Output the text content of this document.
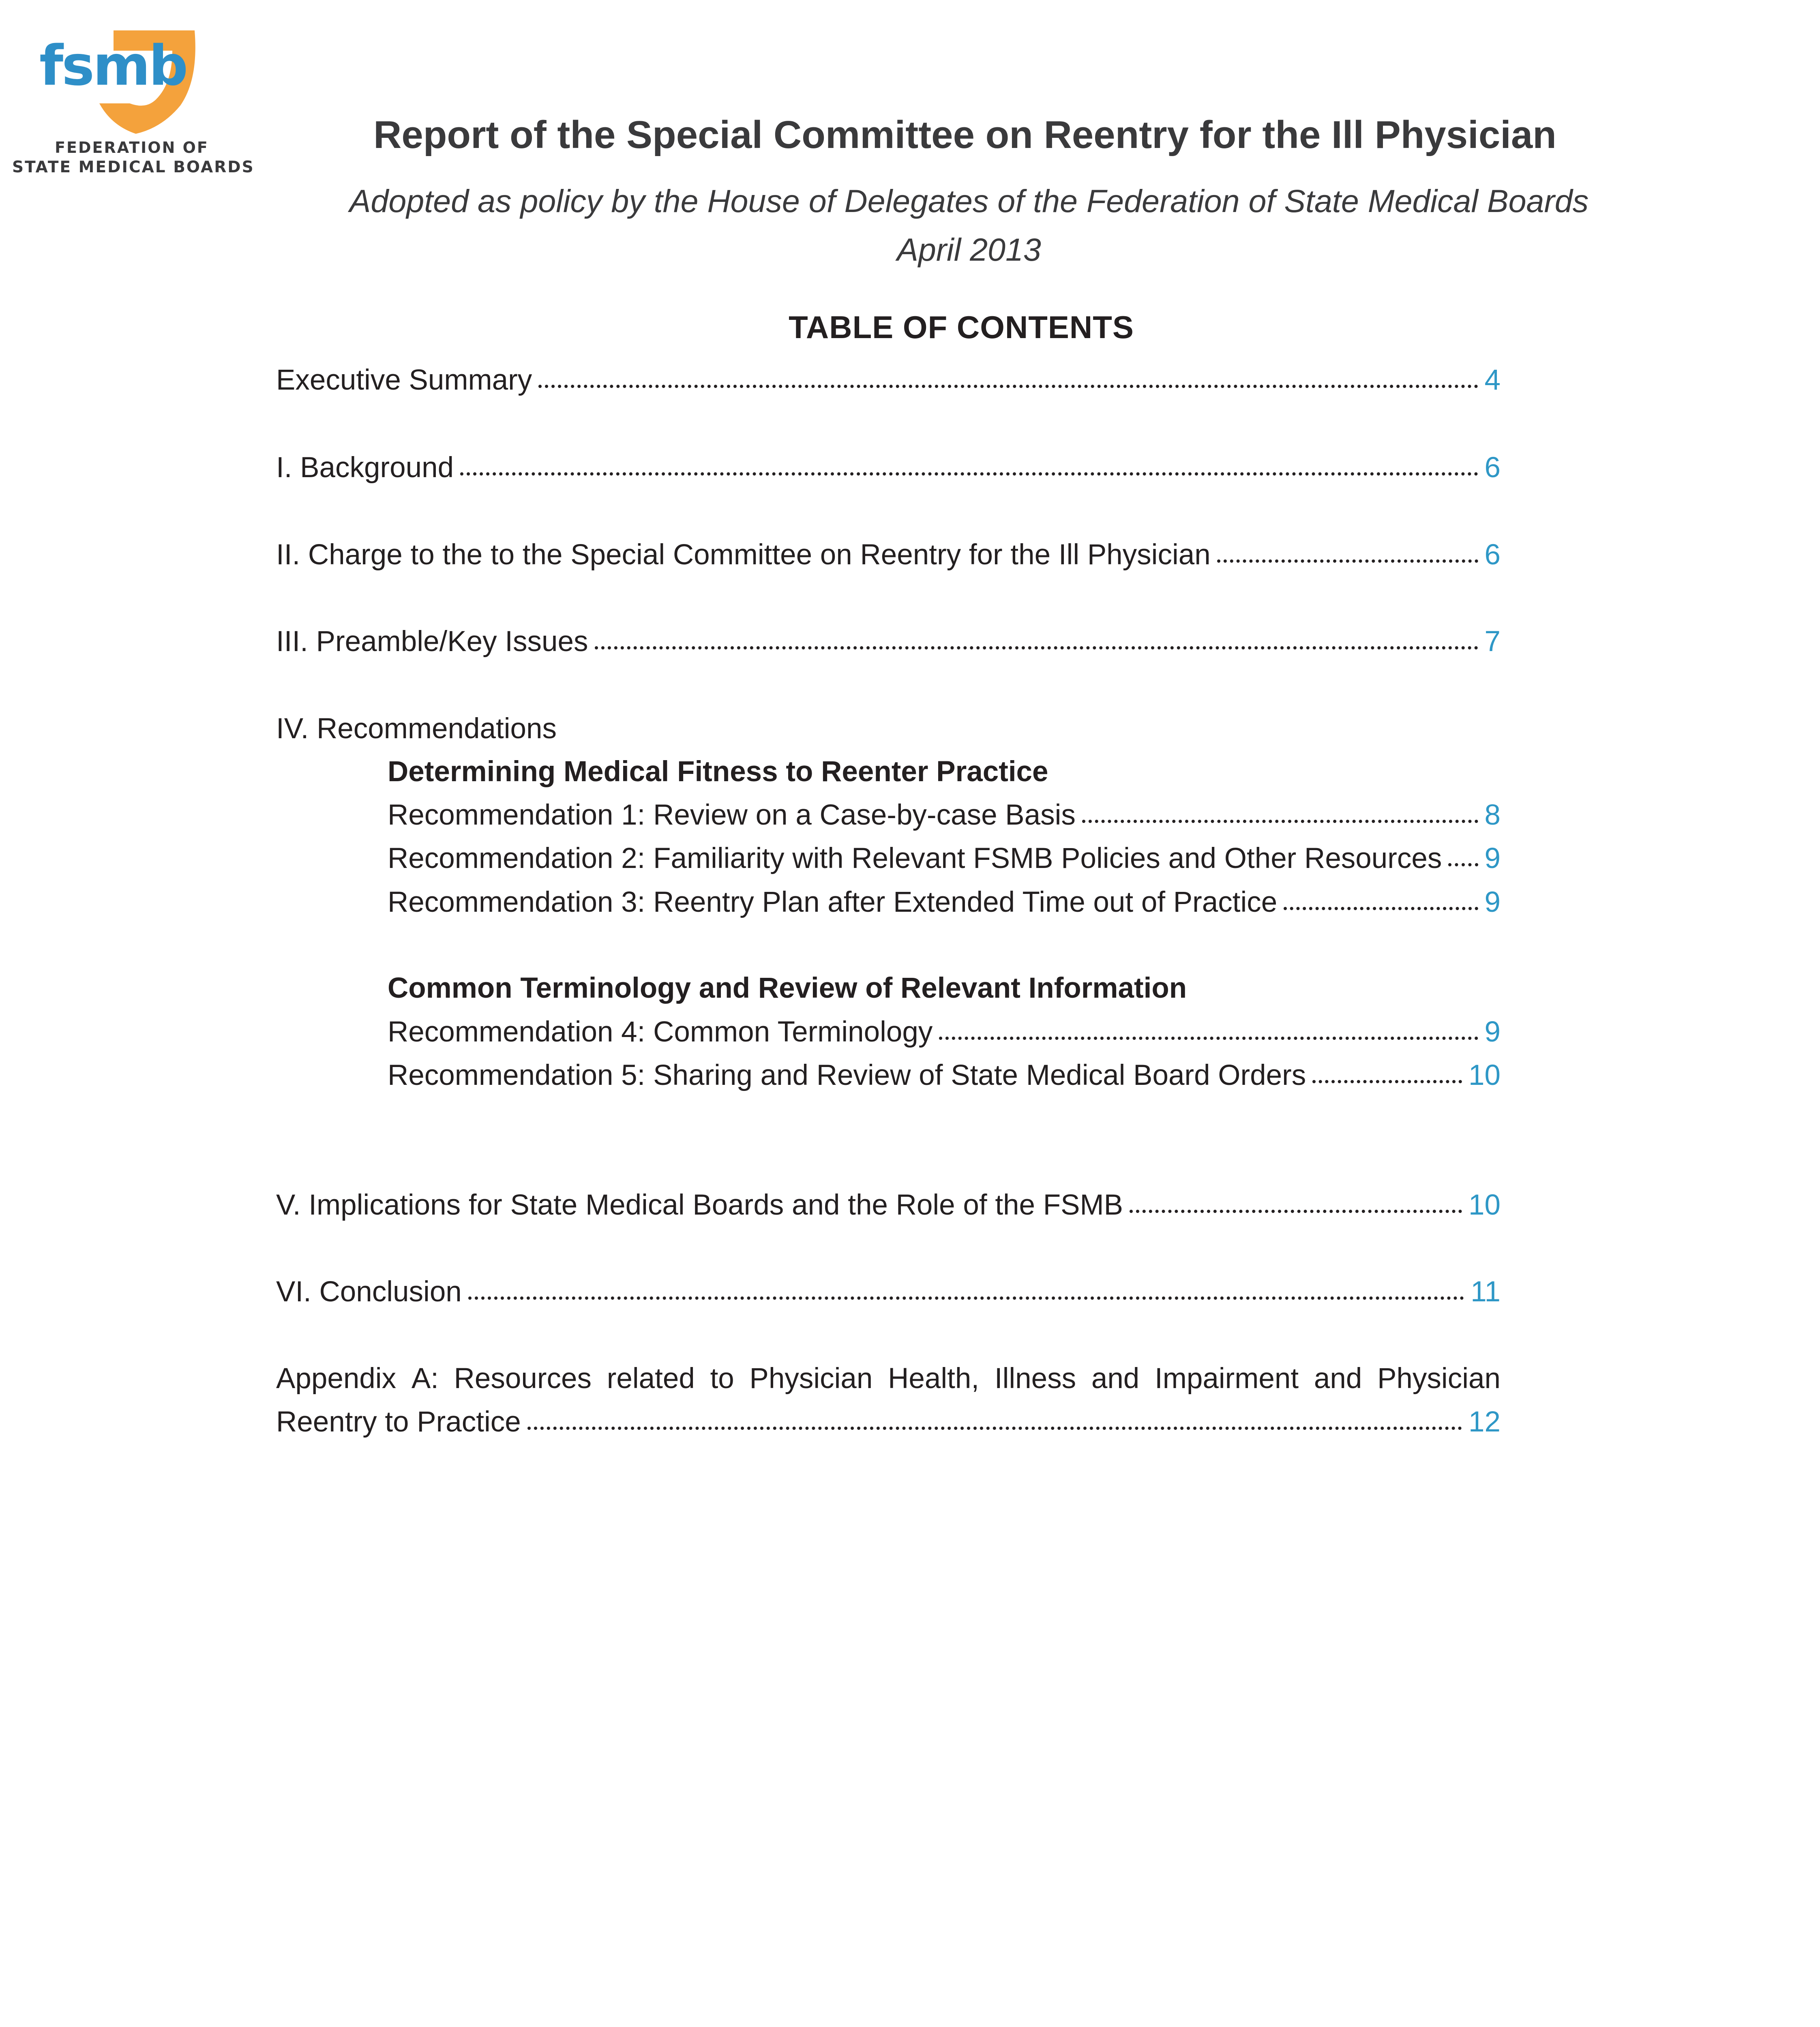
fsmb
FEDERATION OF
STATE MEDICAL BOARDS
Report of the Special Committee on Reentry for the Ill Physician
Adopted as policy by the House of Delegates of the Federation of State Medical Boards
April 2013
TABLE OF CONTENTS
Executive Summary	4
I. Background	6
II. Charge to the to the Special Committee on Reentry for the Ill Physician	6
III. Preamble/Key Issues	7
IV. Recommendations
Determining Medical Fitness to Reenter Practice
Recommendation 1: Review on a Case-by-case Basis	8
Recommendation 2: Familiarity with Relevant FSMB Policies and Other Resources 9
Recommendation 3: Reentry Plan after Extended Time out of Practice	9
Common Terminology and Review of Relevant Information
Recommendation 4: Common Terminology	9
Recommendation 5: Sharing and Review of State Medical Board Orders	10
V. Implications for State Medical Boards and the Role of the FSMB	10
VI. Conclusion	11
Appendix A: Resources related to Physician Health, Illness and Impairment and Physician
Reentry to Practice	12
